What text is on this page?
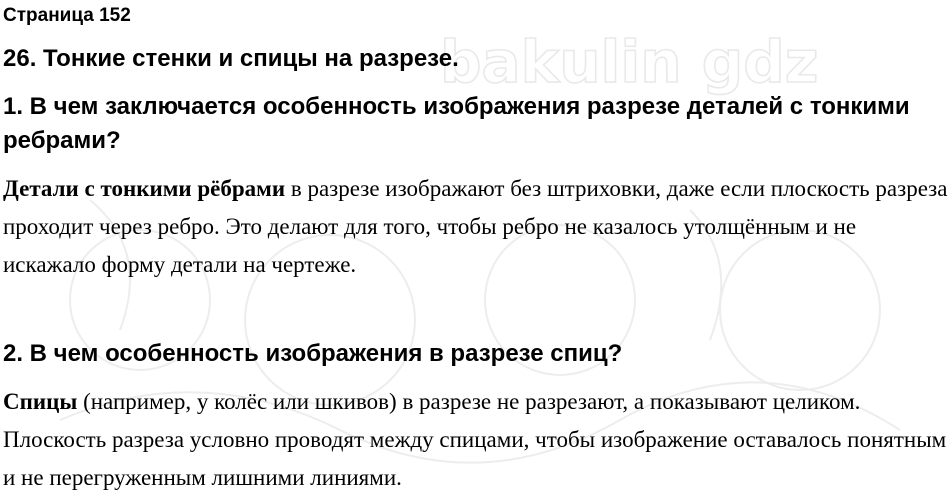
bakulin gdz
Страница 152
26. Тонкие стенки и спицы на разрезе.
1. В чем заключается особенность изображения разрезе деталей с тонкими ребрами?

Детали с тонкими рёбрами в разрезе изображают без штриховки, даже если плоскость разреза проходит через ребро. Это делают для того, чтобы ребро не казалось утолщённым и не искажало форму детали на чертеже.

2. В чем особенность изображения в разрезе спиц?

Спицы (например, у колёс или шкивов) в разрезе не разрезают, а показывают целиком. Плоскость разреза условно проводят между спицами, чтобы изображение оставалось понятным и не перегруженным лишними линиями.
